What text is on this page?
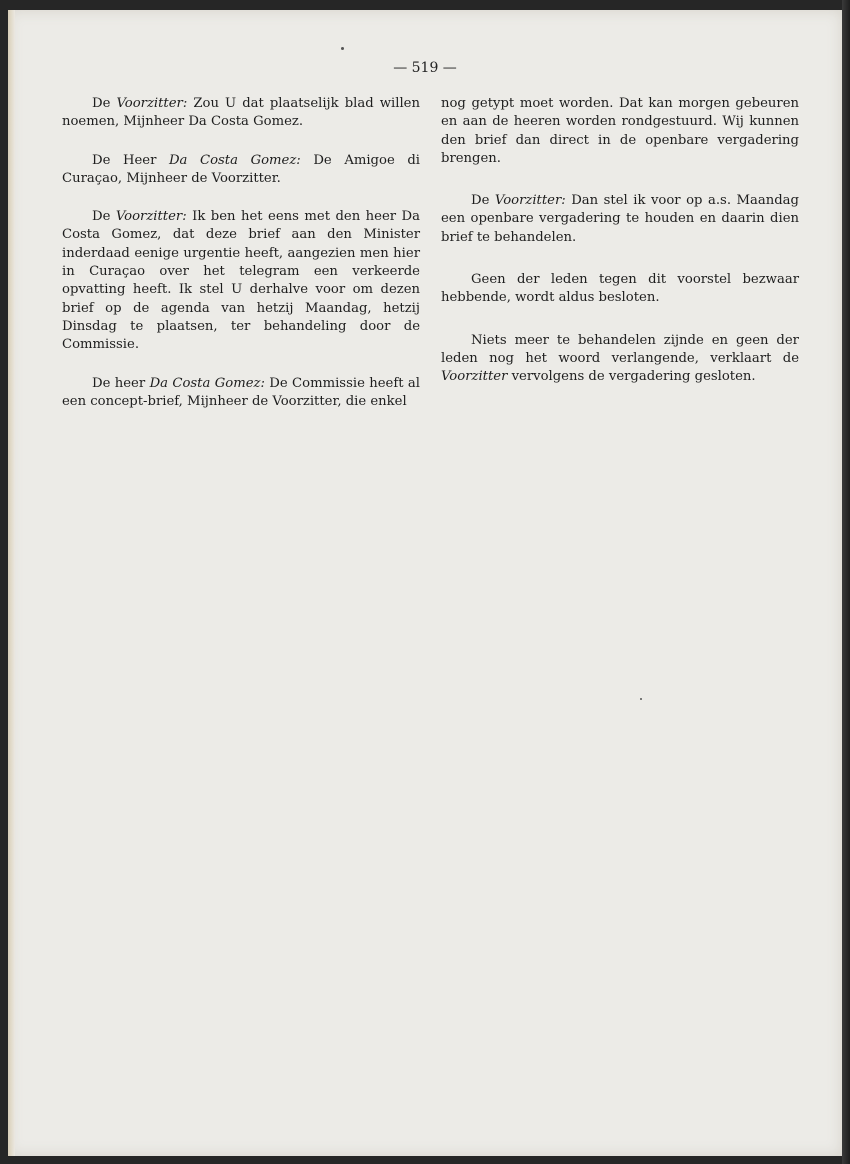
— 519 —

De Voorzitter: Zou U dat plaatselijk blad willen noemen, Mijnheer Da Costa Gomez.

De Heer Da Costa Gomez: De Amigoe di Curaçao, Mijnheer de Voorzitter.

De Voorzitter: Ik ben het eens met den heer Da Costa Gomez, dat deze brief aan den Minister inderdaad eenige urgentie heeft, aangezien men hier in Curaçao over het telegram een verkeerde opvatting heeft. Ik stel U derhalve voor om dezen brief op de agenda van hetzij Maandag, hetzij Dinsdag te plaatsen, ter behandeling door de Commissie.

De heer Da Costa Gomez: De Commissie heeft al een concept-brief, Mijnheer de Voorzitter, die enkel

nog getypt moet worden. Dat kan morgen gebeuren en aan de heeren worden rondgestuurd. Wij kunnen den brief dan direct in de openbare vergadering brengen.

De Voorzitter: Dan stel ik voor op a.s. Maandag een openbare vergadering te houden en daarin dien brief te behandelen.

Geen der leden tegen dit voorstel bezwaar hebbende, wordt aldus besloten.

Niets meer te behandelen zijnde en geen der leden nog het woord verlangende, verklaart de Voorzitter vervolgens de vergadering gesloten.
